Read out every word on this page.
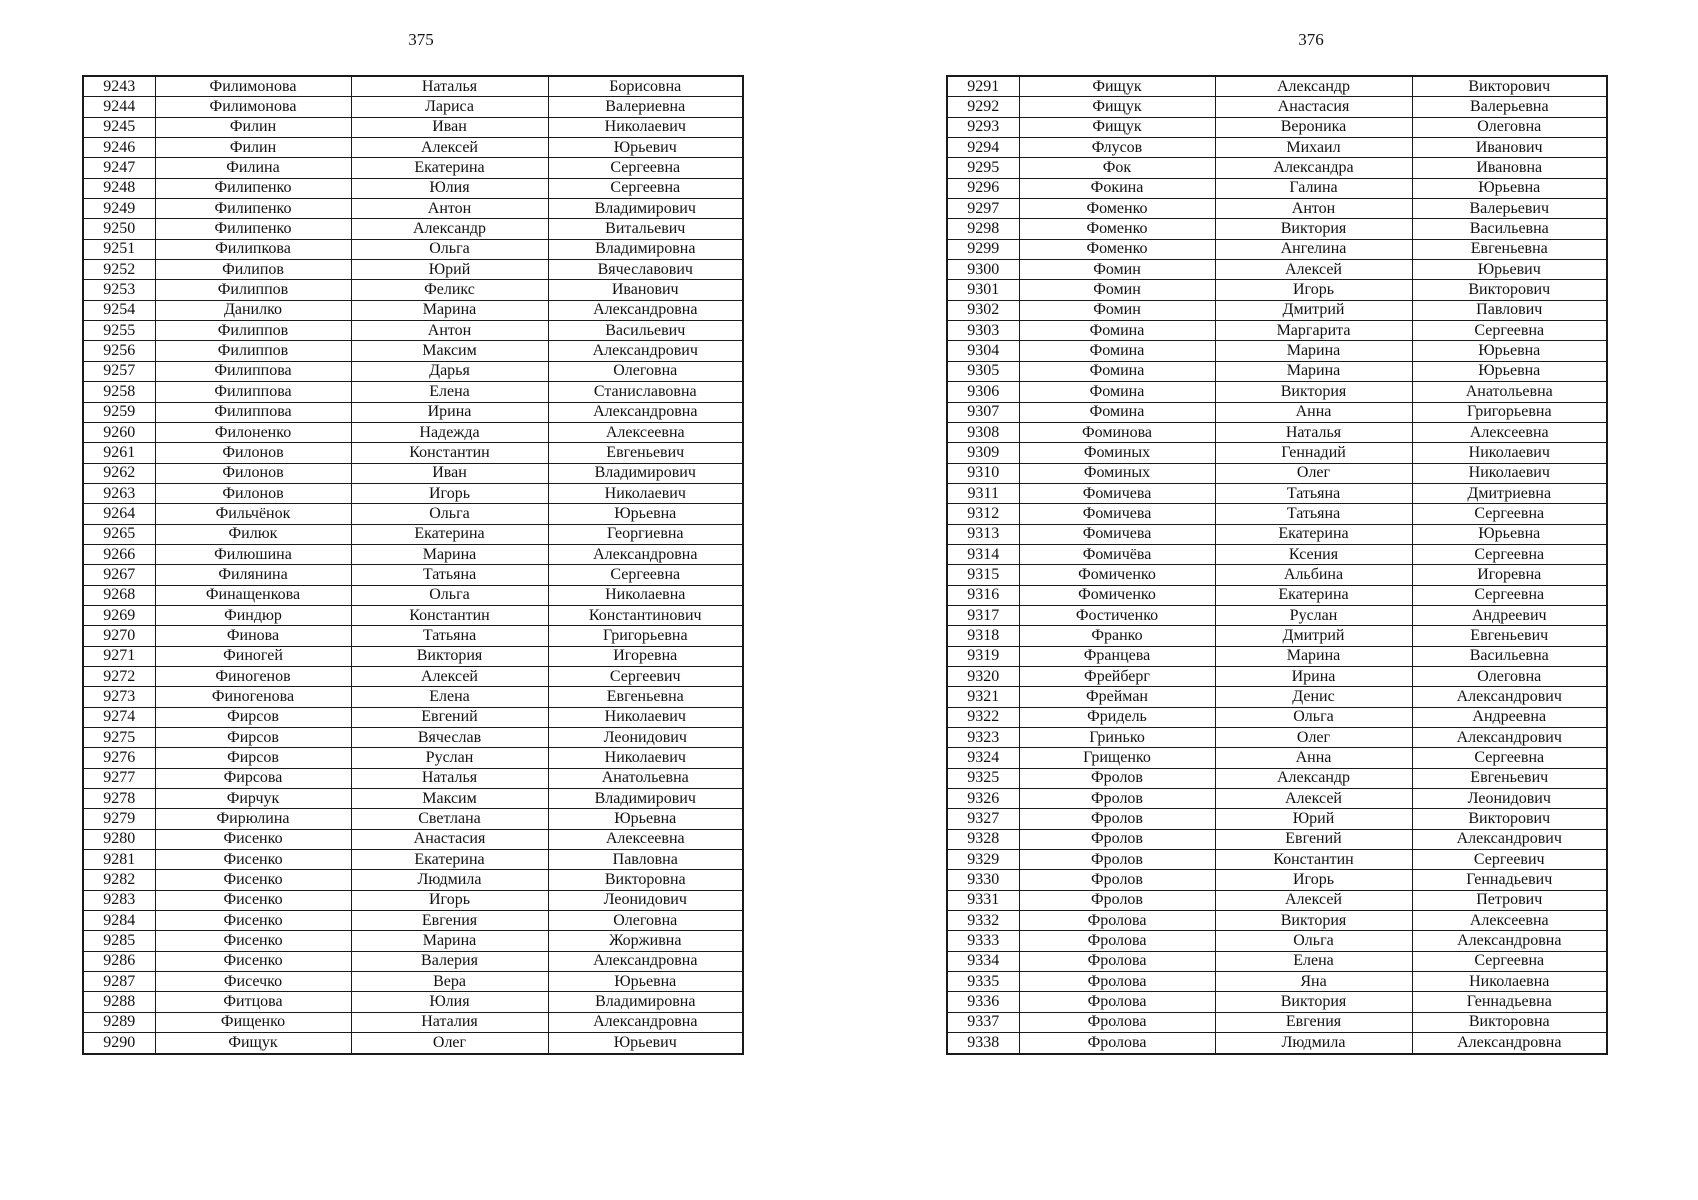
375	376
9243	Филимонова	Наталья	Борисовна
9244	Филимонова	Лариса	Валериевна
9245	Филин	Иван	Николаевич
9246	Филин	Алексей	Юрьевич
9247	Филина	Екатерина	Сергеевна
9248	Филипенко	Юлия	Сергеевна
9249	Филипенко	Антон	Владимирович
9250	Филипенко	Александр	Витальевич
9251	Филипкова	Ольга	Владимировна
9252	Филипов	Юрий	Вячеславович
9253	Филиппов	Феликс	Иванович
9254	Данилко	Марина	Александровна
9255	Филиппов	Антон	Васильевич
9256	Филиппов	Максим	Александрович
9257	Филиппова	Дарья	Олеговна
9258	Филиппова	Елена	Станиславовна
9259	Филиппова	Ирина	Александровна
9260	Филоненко	Надежда	Алексеевна
9261	Филонов	Константин	Евгеньевич
9262	Филонов	Иван	Владимирович
9263	Филонов	Игорь	Николаевич
9264	Фильчёнок	Ольга	Юрьевна
9265	Филюк	Екатерина	Георгиевна
9266	Филюшина	Марина	Александровна
9267	Филянина	Татьяна	Сергеевна
9268	Финащенкова	Ольга	Николаевна
9269	Финдюр	Константин	Константинович
9270	Финова	Татьяна	Григорьевна
9271	Финогей	Виктория	Игоревна
9272	Финогенов	Алексей	Сергеевич
9273	Финогенова	Елена	Евгеньевна
9274	Фирсов	Евгений	Николаевич
9275	Фирсов	Вячеслав	Леонидович
9276	Фирсов	Руслан	Николаевич
9277	Фирсова	Наталья	Анатольевна
9278	Фирчук	Максим	Владимирович
9279	Фирюлина	Светлана	Юрьевна
9280	Фисенко	Анастасия	Алексеевна
9281	Фисенко	Екатерина	Павловна
9282	Фисенко	Людмила	Викторовна
9283	Фисенко	Игорь	Леонидович
9284	Фисенко	Евгения	Олеговна
9285	Фисенко	Марина	Жорживна
9286	Фисенко	Валерия	Александровна
9287	Фисечко	Вера	Юрьевна
9288	Фитцова	Юлия	Владимировна
9289	Фищенко	Наталия	Александровна
9290	Фищук	Олег	Юрьевич
9291	Фищук	Александр	Викторович
9292	Фищук	Анастасия	Валерьевна
9293	Фищук	Вероника	Олеговна
9294	Флусов	Михаил	Иванович
9295	Фок	Александра	Ивановна
9296	Фокина	Галина	Юрьевна
9297	Фоменко	Антон	Валерьевич
9298	Фоменко	Виктория	Васильевна
9299	Фоменко	Ангелина	Евгеньевна
9300	Фомин	Алексей	Юрьевич
9301	Фомин	Игорь	Викторович
9302	Фомин	Дмитрий	Павлович
9303	Фомина	Маргарита	Сергеевна
9304	Фомина	Марина	Юрьевна
9305	Фомина	Марина	Юрьевна
9306	Фомина	Виктория	Анатольевна
9307	Фомина	Анна	Григорьевна
9308	Фоминова	Наталья	Алексеевна
9309	Фоминых	Геннадий	Николаевич
9310	Фоминых	Олег	Николаевич
9311	Фомичева	Татьяна	Дмитриевна
9312	Фомичева	Татьяна	Сергеевна
9313	Фомичева	Екатерина	Юрьевна
9314	Фомичёва	Ксения	Сергеевна
9315	Фомиченко	Альбина	Игоревна
9316	Фомиченко	Екатерина	Сергеевна
9317	Фостиченко	Руслан	Андреевич
9318	Франко	Дмитрий	Евгеньевич
9319	Францева	Марина	Васильевна
9320	Фрейберг	Ирина	Олеговна
9321	Фрейман	Денис	Александрович
9322	Фридель	Ольга	Андреевна
9323	Гринько	Олег	Александрович
9324	Грищенко	Анна	Сергеевна
9325	Фролов	Александр	Евгеньевич
9326	Фролов	Алексей	Леонидович
9327	Фролов	Юрий	Викторович
9328	Фролов	Евгений	Александрович
9329	Фролов	Константин	Сергеевич
9330	Фролов	Игорь	Геннадьевич
9331	Фролов	Алексей	Петрович
9332	Фролова	Виктория	Алексеевна
9333	Фролова	Ольга	Александровна
9334	Фролова	Елена	Сергеевна
9335	Фролова	Яна	Николаевна
9336	Фролова	Виктория	Геннадьевна
9337	Фролова	Евгения	Викторовна
9338	Фролова	Людмила	Александровна
